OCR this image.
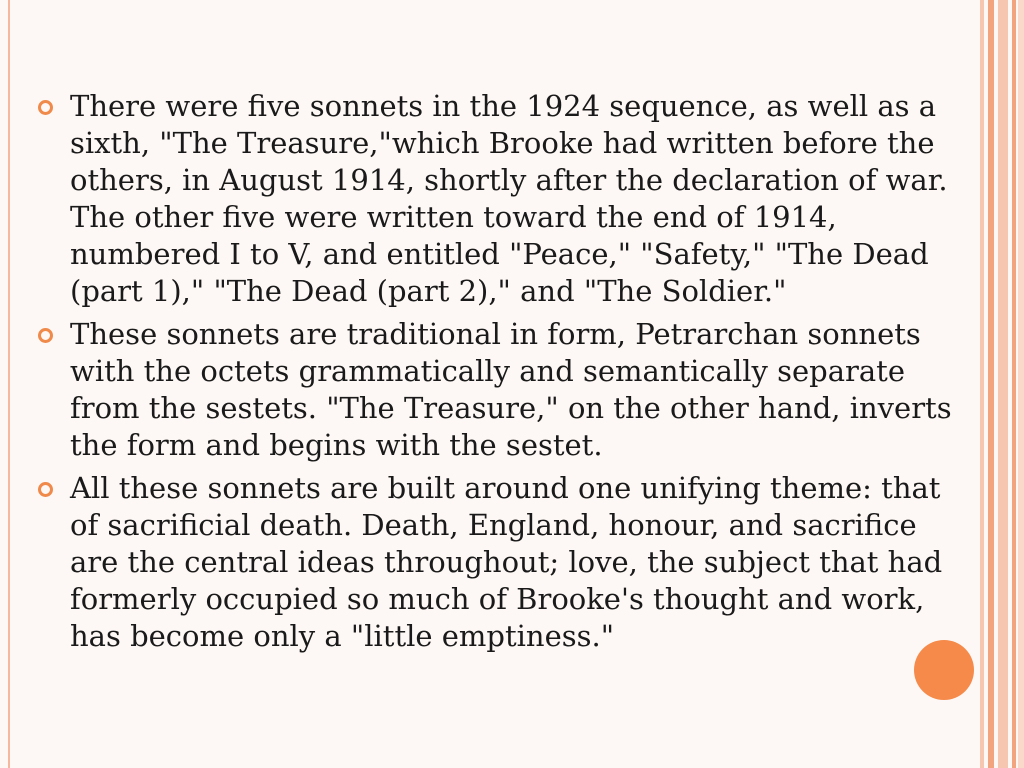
There were five sonnets in the 1924 sequence, as well as a sixth, "The Treasure,"which Brooke had written before the others, in August 1914, shortly after the declaration of war. The other five were written toward the end of 1914, numbered I to V, and entitled "Peace," "Safety," "The Dead (part 1)," "The Dead (part 2)," and "The Soldier."
These sonnets are traditional in form, Petrarchan sonnets with the octets grammatically and semantically separate from the sestets. "The Treasure," on the other hand, inverts the form and begins with the sestet.
All these sonnets are built around one unifying theme: that of sacrificial death. Death, England, honour, and sacrifice are the central ideas throughout; love, the subject that had formerly occupied so much of Brooke's thought and work, has become only a "little emptiness."
